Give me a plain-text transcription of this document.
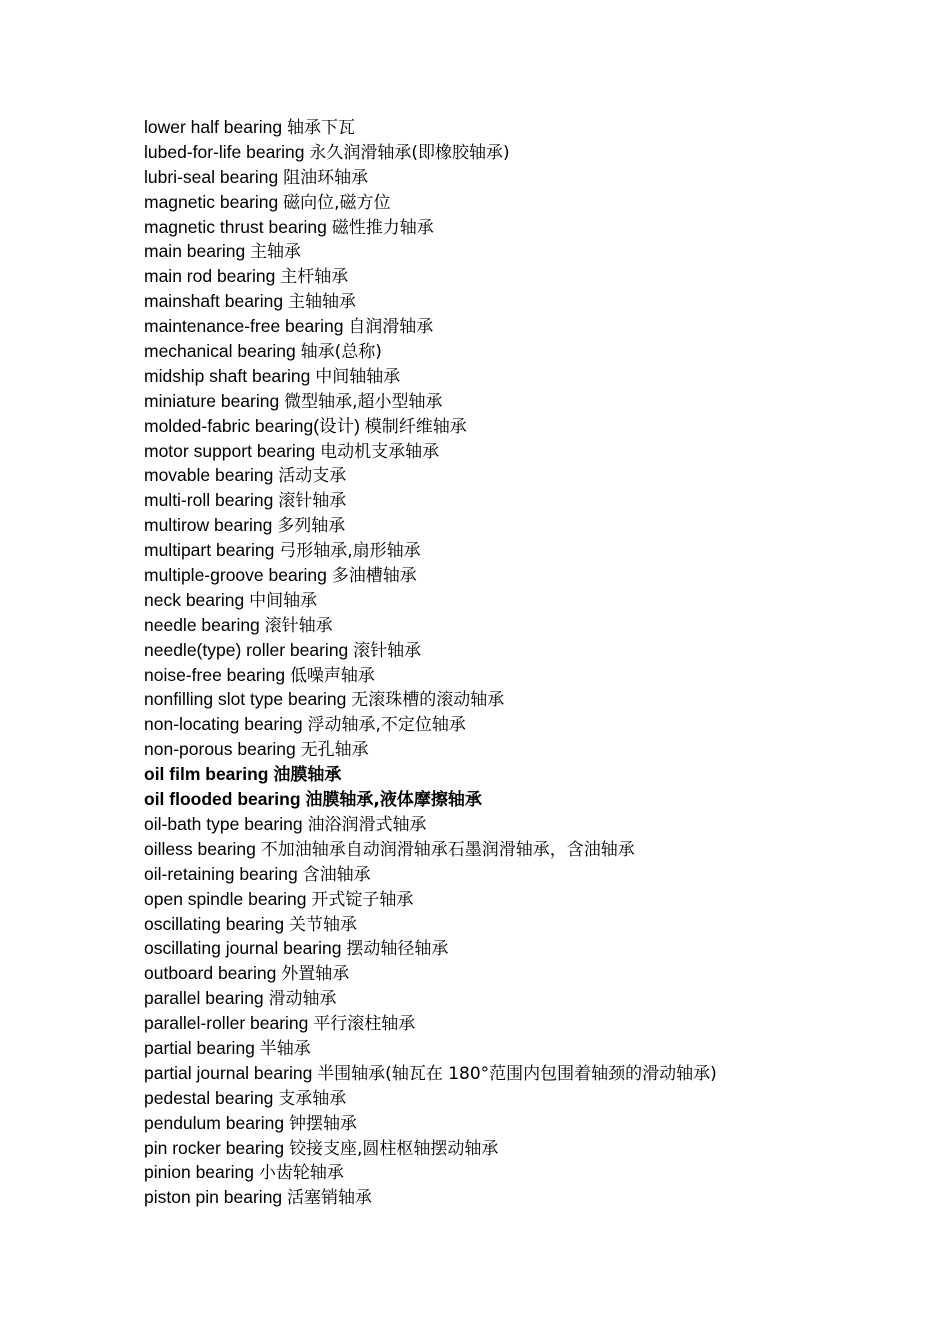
lower half bearing 轴承下瓦
lubed-for-life bearing 永久润滑轴承(即橡胶轴承)
lubri-seal bearing 阻油环轴承
magnetic bearing 磁向位,磁方位
magnetic thrust bearing 磁性推力轴承
main bearing 主轴承
main rod bearing 主杆轴承
mainshaft bearing 主轴轴承
maintenance-free bearing 自润滑轴承
mechanical bearing 轴承(总称)
midship shaft bearing 中间轴轴承
miniature bearing 微型轴承,超小型轴承
molded-fabric bearing(设计) 模制纤维轴承
motor support bearing 电动机支承轴承
movable bearing 活动支承
multi-roll bearing 滚针轴承
multirow bearing 多列轴承
multipart bearing 弓形轴承,扇形轴承
multiple-groove bearing 多油槽轴承
neck bearing 中间轴承
needle bearing 滚针轴承
needle(type) roller bearing 滚针轴承
noise-free bearing 低噪声轴承
nonfilling slot type bearing 无滚珠槽的滚动轴承
non-locating bearing 浮动轴承,不定位轴承
non-porous bearing 无孔轴承
oil film bearing 油膜轴承
oil flooded bearing 油膜轴承,液体摩擦轴承
oil-bath type bearing 油浴润滑式轴承
oilless bearing 不加油轴承自动润滑轴承石墨润滑轴承，含油轴承
oil-retaining bearing 含油轴承
open spindle bearing 开式锭子轴承
oscillating bearing 关节轴承
oscillating journal bearing 摆动轴径轴承
outboard bearing 外置轴承
parallel bearing 滑动轴承
parallel-roller bearing 平行滚柱轴承
partial bearing 半轴承
partial journal bearing 半围轴承(轴瓦在 180°范围内包围着轴颈的滑动轴承)
pedestal bearing 支承轴承
pendulum bearing 钟摆轴承
pin rocker bearing 铰接支座,圆柱枢轴摆动轴承
pinion bearing 小齿轮轴承
piston pin bearing 活塞销轴承
